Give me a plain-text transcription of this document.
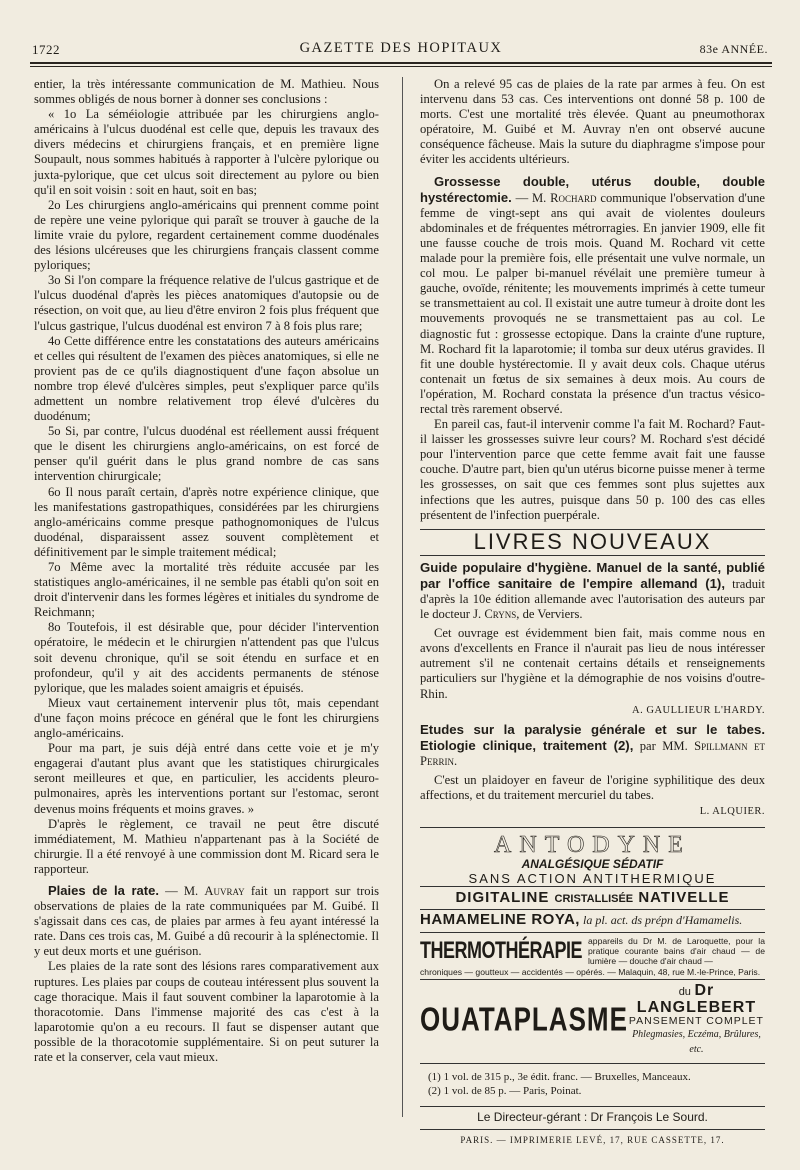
1722	GAZETTE DES HOPITAUX	83e ANNÉE.

entier, la très intéressante communication de M. Mathieu. Nous sommes obligés de nous borner à donner ses conclusions :

« 1o La séméiologie attribuée par les chirurgiens anglo-américains à l'ulcus duodénal est celle que, depuis les travaux des divers médecins et chirurgiens français, et en première ligne Soupault, nous sommes habitués à rapporter à l'ulcère pylorique ou juxta-pylorique, que cet ulcus soit directement au pylore ou bien qu'il en soit voisin : soit en haut, soit en bas;

2o Les chirurgiens anglo-américains qui prennent comme point de repère une veine pylorique qui paraît se trouver à gauche de la limite vraie du pylore, regardent certainement comme duodénales des lésions ulcéreuses que les chirurgiens français classent comme pyloriques;

3o Si l'on compare la fréquence relative de l'ulcus gastrique et de l'ulcus duodénal d'après les pièces anatomiques d'autopsie ou de résection, on voit que, au lieu d'être environ 2 fois plus fréquent que l'ulcus gastrique, l'ulcus duodénal est environ 7 à 8 fois plus rare;

4o Cette différence entre les constatations des auteurs américains et celles qui résultent de l'examen des pièces anatomiques, si elle ne provient pas de ce qu'ils diagnostiquent d'une façon absolue un nombre trop élevé d'ulcères simples, peut s'expliquer parce qu'ils admettent un nombre relativement trop élevé d'ulcères du duodénum;

5o Si, par contre, l'ulcus duodénal est réellement aussi fréquent que le disent les chirurgiens anglo-américains, on est forcé de penser qu'il guérit dans le plus grand nombre de cas sans intervention chirurgicale;

6o Il nous paraît certain, d'après notre expérience clinique, que les manifestations gastropathiques, considérées par les chirurgiens anglo-américains comme presque pathognomoniques de l'ulcus duodénal, disparaissent assez souvent complètement et définitivement par le simple traitement médical;

7o Même avec la mortalité très réduite accusée par les statistiques anglo-américaines, il ne semble pas établi qu'on soit en droit d'intervenir dans les formes légères et initiales du syndrome de Reichmann;

8o Toutefois, il est désirable que, pour décider l'intervention opératoire, le médecin et le chirurgien n'attendent pas que l'ulcus soit devenu chronique, qu'il se soit étendu en surface et en profondeur, qu'il y ait des accidents permanents de sténose pylorique, que les malades soient amaigris et épuisés.

Mieux vaut certainement intervenir plus tôt, mais cependant d'une façon moins précoce en général que le font les chirurgiens anglo-américains.

Pour ma part, je suis déjà entré dans cette voie et je m'y engagerai d'autant plus avant que les statistiques chirurgicales seront meilleures et que, en particulier, les accidents pleuro-pulmonaires, après les interventions portant sur l'estomac, seront devenus moins fréquents et moins graves. »

D'après le règlement, ce travail ne peut être discuté immédiatement, M. Mathieu n'appartenant pas à la Société de chirurgie. Il a été renvoyé à une commission dont M. Ricard sera le rapporteur.

Plaies de la rate. — M. Auvray fait un rapport sur trois observations de plaies de la rate communiquées par M. Guibé. Il s'agissait dans ces cas, de plaies par armes à feu ayant intéressé la rate. Dans ces trois cas, M. Guibé a dû recourir à la splénectomie. Il y eut deux morts et une guérison.

Les plaies de la rate sont des lésions rares comparativement aux ruptures. Les plaies par coups de couteau intéressent plus souvent la cage thoracique. Mais il faut souvent combiner la laparotomie à la thoracotomie. Dans l'immense majorité des cas c'est à la laparotomie qu'on a eu recours. Il faut se dispenser autant que possible de la thoracotomie supplémentaire. Si on peut suturer la rate et la conserver, cela vaut mieux.

On a relevé 95 cas de plaies de la rate par armes à feu. On est intervenu dans 53 cas. Ces interventions ont donné 58 p. 100 de morts. C'est une mortalité très élevée. Quant au pneumothorax opératoire, M. Guibé et M. Auvray n'en ont observé aucune conséquence fâcheuse. Mais la suture du diaphragme s'impose pour éviter les accidents ultérieurs.

Grossesse double, utérus double, double hystérectomie. — M. Rochard communique l'observation d'une femme de vingt-sept ans qui avait de violentes douleurs abdominales et de fréquentes métrorragies. En janvier 1909, elle fit une fausse couche de trois mois. Quand M. Rochard vit cette malade pour la première fois, elle présentait une vulve normale, un col mou. Le palper bi-manuel révélait une première tumeur à gauche, ovoïde, rénitente; les mouvements imprimés à cette tumeur se transmettaient au col. Il existait une autre tumeur à droite dont les mouvements provoqués ne se transmettaient pas au col. Le diagnostic fut : grossesse ectopique. Dans la crainte d'une rupture, M. Rochard fit la laparotomie; il tomba sur deux utérus gravides. Il fit une double hystérectomie. Il y avait deux cols. Chaque utérus contenait un fœtus de six semaines à deux mois. Au cours de l'opération, M. Rochard constata la présence d'un tractus vésico-rectal très rarement observé.

En pareil cas, faut-il intervenir comme l'a fait M. Rochard? Faut-il laisser les grossesses suivre leur cours? M. Rochard s'est décidé pour l'intervention parce que cette femme avait fait une fausse couche. D'autre part, bien qu'un utérus bicorne puisse mener à terme les grossesses, on sait que ces femmes sont plus sujettes aux infections que les autres, puisque dans 50 p. 100 des cas elles présentent de l'infection puerpérale.

LIVRES NOUVEAUX

Guide populaire d'hygiène. Manuel de la santé, publié par l'office sanitaire de l'empire allemand (1), traduit d'après la 10e édition allemande avec l'autorisation des auteurs par le docteur J. Cryns, de Verviers.

Cet ouvrage est évidemment bien fait, mais comme nous en avons d'excellents en France il n'aurait pas lieu de nous intéresser autrement s'il ne contenait certains détails et renseignements particuliers sur l'hygiène et la démographie de nos voisins d'outre-Rhin.

A. GAULLIEUR L'HARDY.

Etudes sur la paralysie générale et sur le tabes. Etiologie clinique, traitement (2), par MM. Spillmann et Perrin.

C'est un plaidoyer en faveur de l'origine syphilitique des deux affections, et du traitement mercuriel du tabes.

L. ALQUIER.
ANTODYNE
ANALGÉSIQUE SÉDATIF
SANS ACTION ANTITHERMIQUE
DIGITALINE CRISTALLISÉE NATIVELLE
HAMAMELINE ROYA, la pl. act. ds prépn d'Hamamelis.
THERMOTHÉRAPIE appareils du Dr M. de Laroquette, pour la pratique courante bains d'air chaud — de lumière — douche d'air chaud —
chroniques — goutteux — accidentés — opérés. — Malaquin, 48, rue M.-le-Prince, Paris.
OUATAPLASME
du Dr LANGLEBERT
PANSEMENT COMPLET
Phlegmasies, Eczéma, Brûlures, etc.
(1) 1 vol. de 315 p., 3e édit. franc. — Bruxelles, Manceaux.
(2) 1 vol. de 85 p. — Paris, Poinat.
Le Directeur-gérant : Dr François Le Sourd.
PARIS. — IMPRIMERIE LEVÉ, 17, RUE CASSETTE, 17.
